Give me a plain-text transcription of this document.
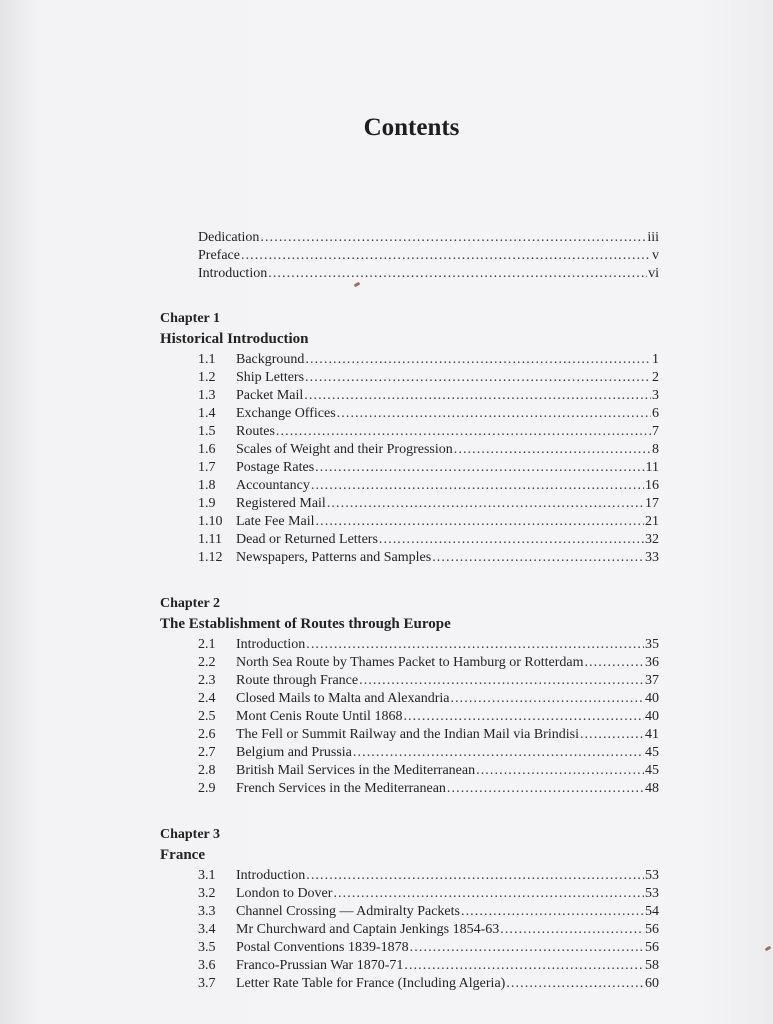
Contents
Dedication . . .	iii
Preface . . .	v
Introduction . . .	vi
Chapter 1
Historical Introduction
1.1	Background . . .	1
1.2	Ship Letters . . .	2
1.3	Packet Mail . . .	3
1.4	Exchange Offices . . .	6
1.5	Routes . . .	7
1.6	Scales of Weight and their Progression . . .	8
1.7	Postage Rates . . .	11
1.8	Accountancy . . .	16
1.9	Registered Mail . . .	17
1.10 Late Fee Mail . . .	21
1.11	Dead or Returned Letters . . .	32
1.12 Newspapers, Patterns and Samples . . .	33
Chapter 2
The Establishment of Routes through Europe
2.1	Introduction . . .	35
2.2	North Sea Route by Thames Packet to Hamburg or Rotterdam . . .	36
2.3	Route through France . . .	37
2.4	Closed Mails to Malta and Alexandria . . .	40
2.5	Mont Cenis Route Until 1868 . . .	40
2.6	The Fell or Summit Railway and the Indian Mail via Brindisi . . .	41
2.7	Belgium and Prussia . . .	45
2.8	British Mail Services in the Mediterranean . . .	45
2.9	French Services in the Mediterranean . . .	48
Chapter 3
France
3.1	Introduction . . .	53
3.2	London to Dover . . .	53
3.3	Channel Crossing — Admiralty Packets . . .	54
3.4	Mr Churchward and Captain Jenkings 1854-63 . . .	56
3.5	Postal Conventions 1839-1878 . . .	56
3.6	Franco-Prussian War 1870-71 . . .	58
3.7	Letter Rate Table for France (Including Algeria) . . .	60
